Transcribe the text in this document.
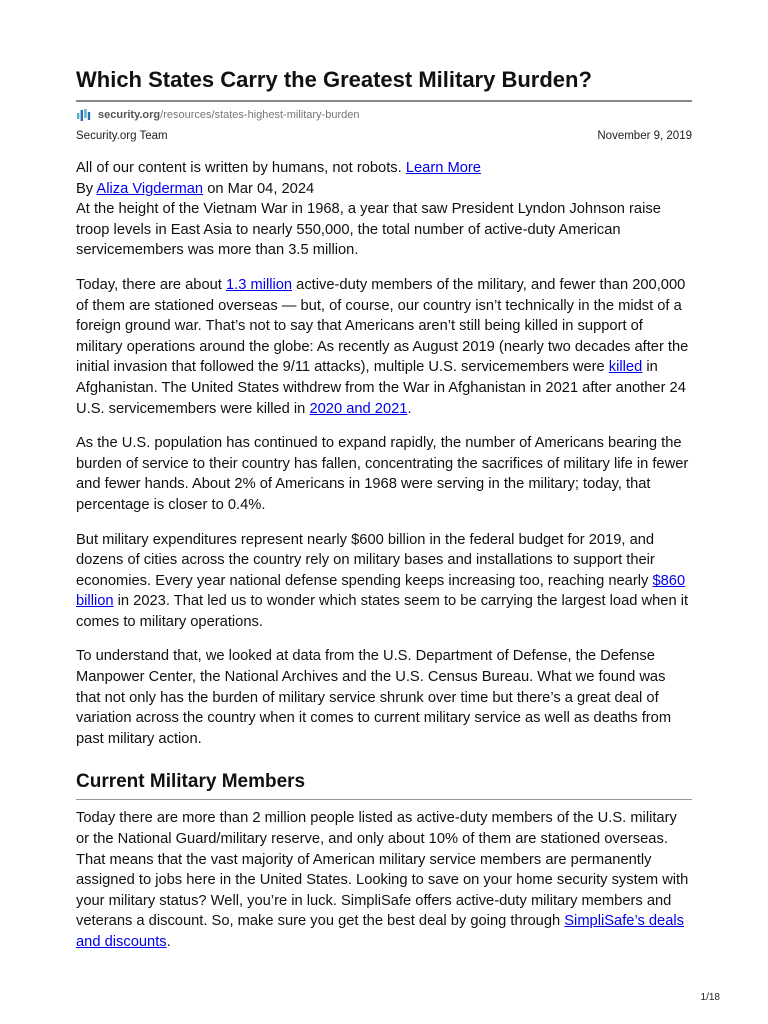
Which States Carry the Greatest Military Burden?
security.org /resources/states-highest-military-burden
Security.org Team	November 9, 2019

All of our content is written by humans, not robots. Learn More

By Aliza Vigderman on Mar 04, 2024

At the height of the Vietnam War in 1968, a year that saw President Lyndon Johnson raise troop levels in East Asia to nearly 550,000, the total number of active-duty American servicemembers was more than 3.5 million.

Today, there are about 1.3 million active-duty members of the military, and fewer than 200,000 of them are stationed overseas — but, of course, our country isn’t technically in the midst of a foreign ground war. That’s not to say that Americans aren’t still being killed in support of military operations around the globe: As recently as August 2019 (nearly two decades after the initial invasion that followed the 9/11 attacks), multiple U.S. servicemembers were killed in Afghanistan. The United States withdrew from the War in Afghanistan in 2021 after another 24 U.S. servicemembers were killed in 2020 and 2021.

As the U.S. population has continued to expand rapidly, the number of Americans bearing the burden of service to their country has fallen, concentrating the sacrifices of military life in fewer and fewer hands. About 2% of Americans in 1968 were serving in the military; today, that percentage is closer to 0.4%.

But military expenditures represent nearly $600 billion in the federal budget for 2019, and dozens of cities across the country rely on military bases and installations to support their economies. Every year national defense spending keeps increasing too, reaching nearly $860 billion in 2023. That led us to wonder which states seem to be carrying the largest load when it comes to military operations.

To understand that, we looked at data from the U.S. Department of Defense, the Defense Manpower Center, the National Archives and the U.S. Census Bureau. What we found was that not only has the burden of military service shrunk over time but there’s a great deal of variation across the country when it comes to current military service as well as deaths from past military action.

Current Military Members

Today there are more than 2 million people listed as active-duty members of the U.S. military or the National Guard/military reserve, and only about 10% of them are stationed overseas. That means that the vast majority of American military service members are permanently assigned to jobs here in the United States. Looking to save on your home security system with your military status? Well, you’re in luck. SimpliSafe offers active-duty military members and veterans a discount. So, make sure you get the best deal by going through SimpliSafe’s deals and discounts.

1/18
